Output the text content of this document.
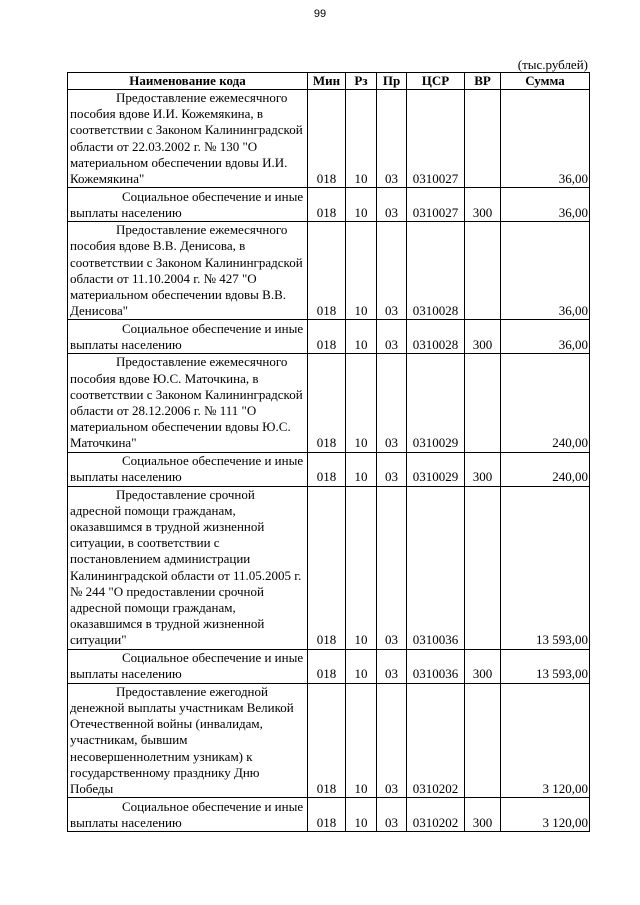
99
(тыс.рублей)
Наименование кода	Мин	Рз	Пр	ЦСР	ВР	Сумма
Предоставление ежемесячного пособия вдове И.И. Кожемякина, в соответствии с Законом Калининградской области от 22.03.2002 г. № 130 "О материальном обеспечении вдовы И.И. Кожемякина"	018	10	03	0310027		36,00
Социальное обеспечение и иные выплаты населению	018	10	03	0310027	300	36,00
Предоставление ежемесячного пособия вдове В.В. Денисова, в соответствии с Законом Калининградской области от 11.10.2004 г. № 427 "О материальном обеспечении вдовы В.В. Денисова"	018	10	03	0310028		36,00
Социальное обеспечение и иные выплаты населению	018	10	03	0310028	300	36,00
Предоставление ежемесячного пособия вдове Ю.С. Маточкина, в соответствии с Законом Калининградской области от 28.12.2006 г. № 111 "О материальном обеспечении вдовы Ю.С. Маточкина"	018	10	03	0310029		240,00
Социальное обеспечение и иные выплаты населению	018	10	03	0310029	300	240,00
Предоставление срочной адресной помощи гражданам, оказавшимся в трудной жизненной ситуации, в соответствии с постановлением администрации Калининградской области от 11.05.2005 г. № 244 "О предоставлении срочной адресной помощи гражданам, оказавшимся в трудной жизненной ситуации"	018	10	03	0310036		13 593,00
Социальное обеспечение и иные выплаты населению	018	10	03	0310036	300	13 593,00
Предоставление ежегодной денежной выплаты участникам Великой Отечественной войны (инвалидам, участникам, бывшим несовершеннолетним узникам) к государственному празднику Дню Победы	018	10	03	0310202		3 120,00
Социальное обеспечение и иные выплаты населению	018	10	03	0310202	300	3 120,00
